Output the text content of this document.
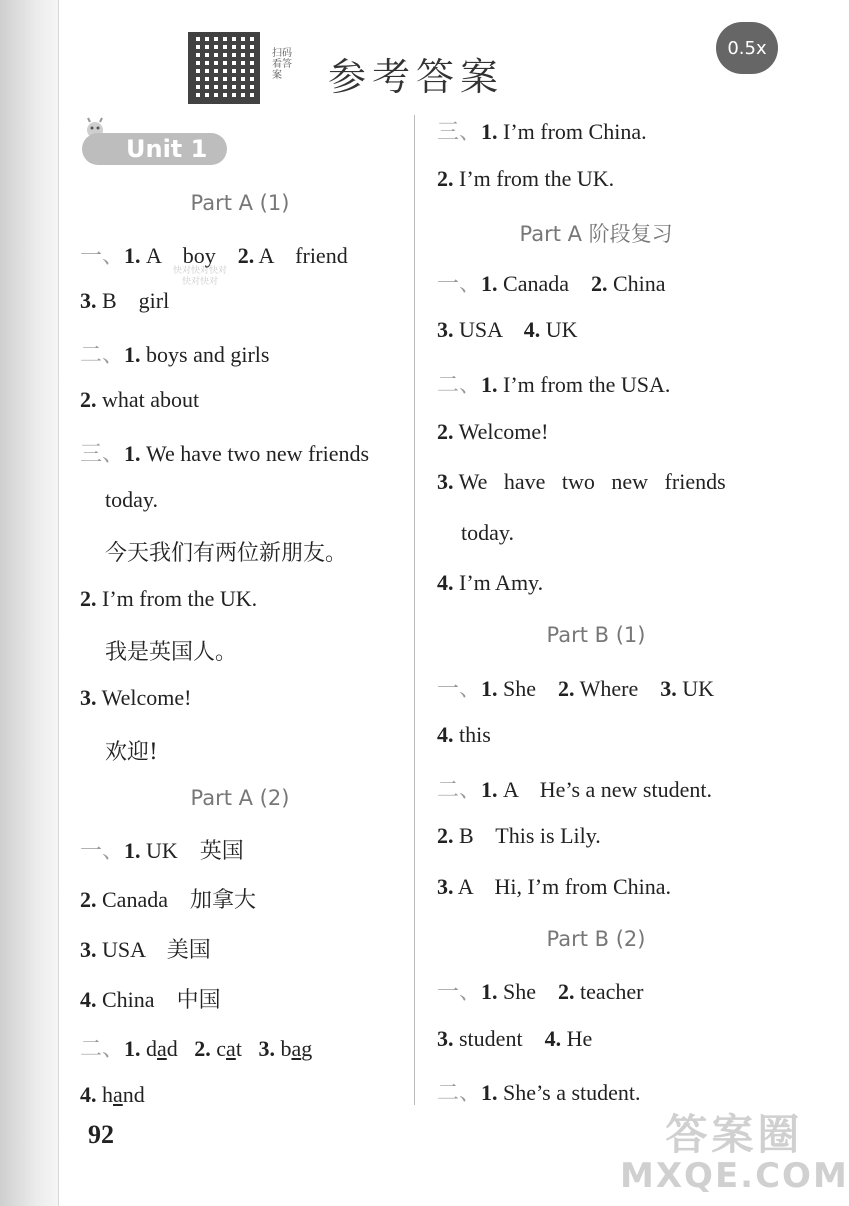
扫码看答案	参考答案
0.5x
Unit 1
快对快对快对快对快对
Part A (1)
一、1. A    boy    2. A    friend
3. B    girl
二、1. boys and girls
2. what about
三、1. We have two new friends
today.
今天我们有两位新朋友。
2. I’m from the UK.
我是英国人。
3. Welcome!
欢迎!
Part A (2)
一、1. UK    英国
2. Canada    加拿大
3. USA    美国
4. China    中国
二、1. dad   2. cat   3. bag
4. hand
三、1. I’m from China.
2. I’m from the UK.
Part A 阶段复习
一、1. Canada    2. China
3. USA    4. UK
二、1. I’m from the USA.
2. Welcome!
3. We   have   two   new   friends
today.
4. I’m Amy.
Part B (1)
一、1. She    2. Where    3. UK
4. this
二、1. A    He’s a new student.
2. B    This is Lily.
3. A    Hi, I’m from China.
Part B (2)
一、1. She    2. teacher
3. student    4. He
二、1. She’s a student.
92	答案圈
MXQE.COM
